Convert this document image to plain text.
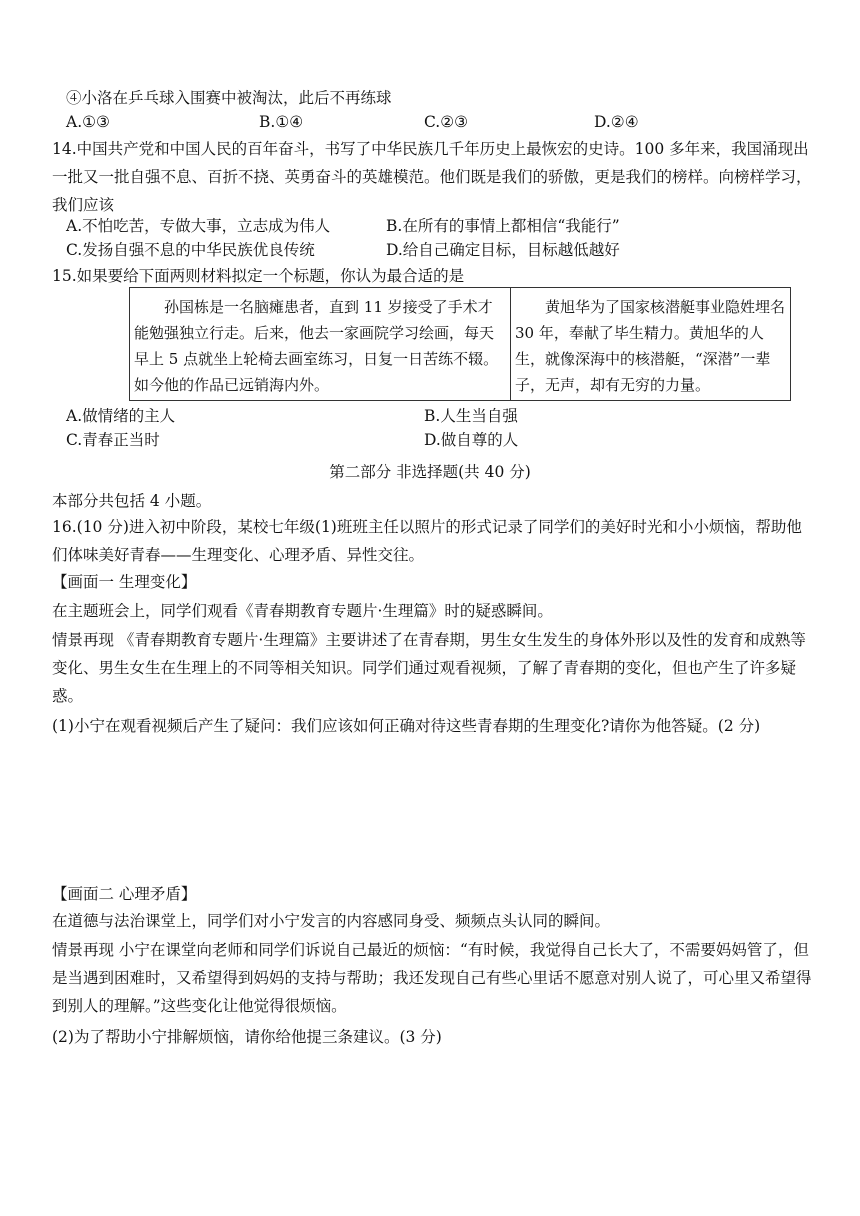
④小洛在乒乓球入围赛中被淘汰，此后不再练球
A.①③	B.①④	C.②③	D.②④
14.中国共产党和中国人民的百年奋斗，书写了中华民族几千年历史上最恢宏的史诗。100 多年来，我国涌现出一批又一批自强不息、百折不挠、英勇奋斗的英雄模范。他们既是我们的骄傲，更是我们的榜样。向榜样学习，我们应该
A.不怕吃苦，专做大事，立志成为伟人	B.在所有的事情上都相信“我能行”
C.发扬自强不息的中华民族优良传统	D.给自己确定目标，目标越低越好
15.如果要给下面两则材料拟定一个标题，你认为最合适的是
孙国栋是一名脑瘫患者，直到 11 岁接受了手术才能勉强独立行走。后来，他去一家画院学习绘画，每天早上 5 点就坐上轮椅去画室练习，日复一日苦练不辍。如今他的作品已远销海内外。
黄旭华为了国家核潜艇事业隐姓埋名 30 年，奉献了毕生精力。黄旭华的人生，就像深海中的核潜艇，“深潜”一辈子，无声，却有无穷的力量。
A.做情绪的主人	B.人生当自强
C.青春正当时	D.做自尊的人
第二部分 非选择题(共 40 分)
本部分共包括 4 小题。
16.(10 分)进入初中阶段，某校七年级(1)班班主任以照片的形式记录了同学们的美好时光和小小烦恼，帮助他们体味美好青春——生理变化、心理矛盾、异性交往。
【画面一 生理变化】
在主题班会上，同学们观看《青春期教育专题片·生理篇》时的疑惑瞬间。
情景再现 《青春期教育专题片·生理篇》主要讲述了在青春期，男生女生发生的身体外形以及性的发育和成熟等变化、男生女生在生理上的不同等相关知识。同学们通过观看视频，了解了青春期的变化，但也产生了许多疑惑。
(1)小宁在观看视频后产生了疑问：我们应该如何正确对待这些青春期的生理变化?请你为他答疑。(2 分)
【画面二 心理矛盾】
在道德与法治课堂上，同学们对小宁发言的内容感同身受、频频点头认同的瞬间。
情景再现 小宁在课堂向老师和同学们诉说自己最近的烦恼：“有时候，我觉得自己长大了，不需要妈妈管了，但是当遇到困难时，又希望得到妈妈的支持与帮助；我还发现自己有些心里话不愿意对别人说了，可心里又希望得到别人的理解。”这些变化让他觉得很烦恼。
(2)为了帮助小宁排解烦恼，请你给他提三条建议。(3 分)
